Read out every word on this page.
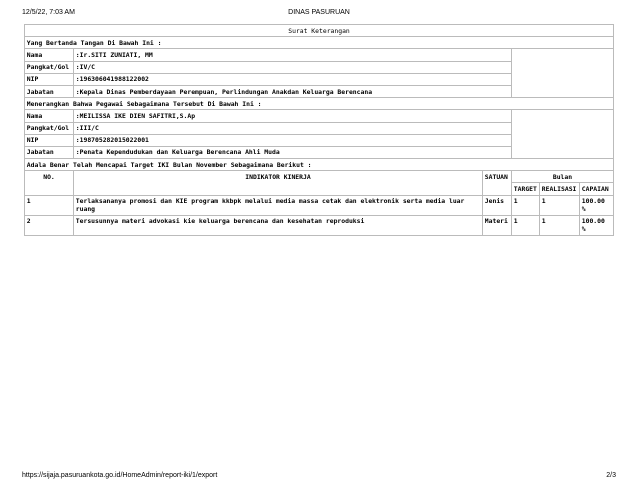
12/5/22, 7:03 AM	DINAS PASURUAN
Surat Keterangan					
Yang Bertanda Tangan Di Bawah Ini :					
Nama	:Ir.SITI ZUNIATI, MM				
Pangkat/Gol	:IV/C				
NIP	:196306041988122002				
Jabatan	:Kepala Dinas Pemberdayaan Perempuan, Perlindungan Anakdan Keluarga Berencana				
Menerangkan Bahwa Pegawai Sebagaimana Tersebut Di Bawah Ini :					
Nama	:MEILISSA IKE DIEN SAFITRI,S.Ap				
Pangkat/Gol	:III/C				
NIP	:198705282015022001				
Jabatan	:Penata Kependudukan dan Keluarga Berencana Ahli Muda				
Adala Benar Telah Mencapai Target IKI Bulan November Sebagaimana Berikut :					
NO.	INDIKATOR KINERJA	SATUAN	Bulan		
			TARGET	REALISASI	CAPAIAN
1	Terlaksananya promosi dan KIE program kkbpk melalui media massa cetak dan elektronik serta media luar ruang	Jenis	1	1	100.00 %
2	Tersusunnya materi advokasi kie keluarga berencana dan kesehatan reproduksi	Materi	1	1	100.00 %
https://sijaja.pasuruankota.go.id/HomeAdmin/report-iki/1/export	2/3
